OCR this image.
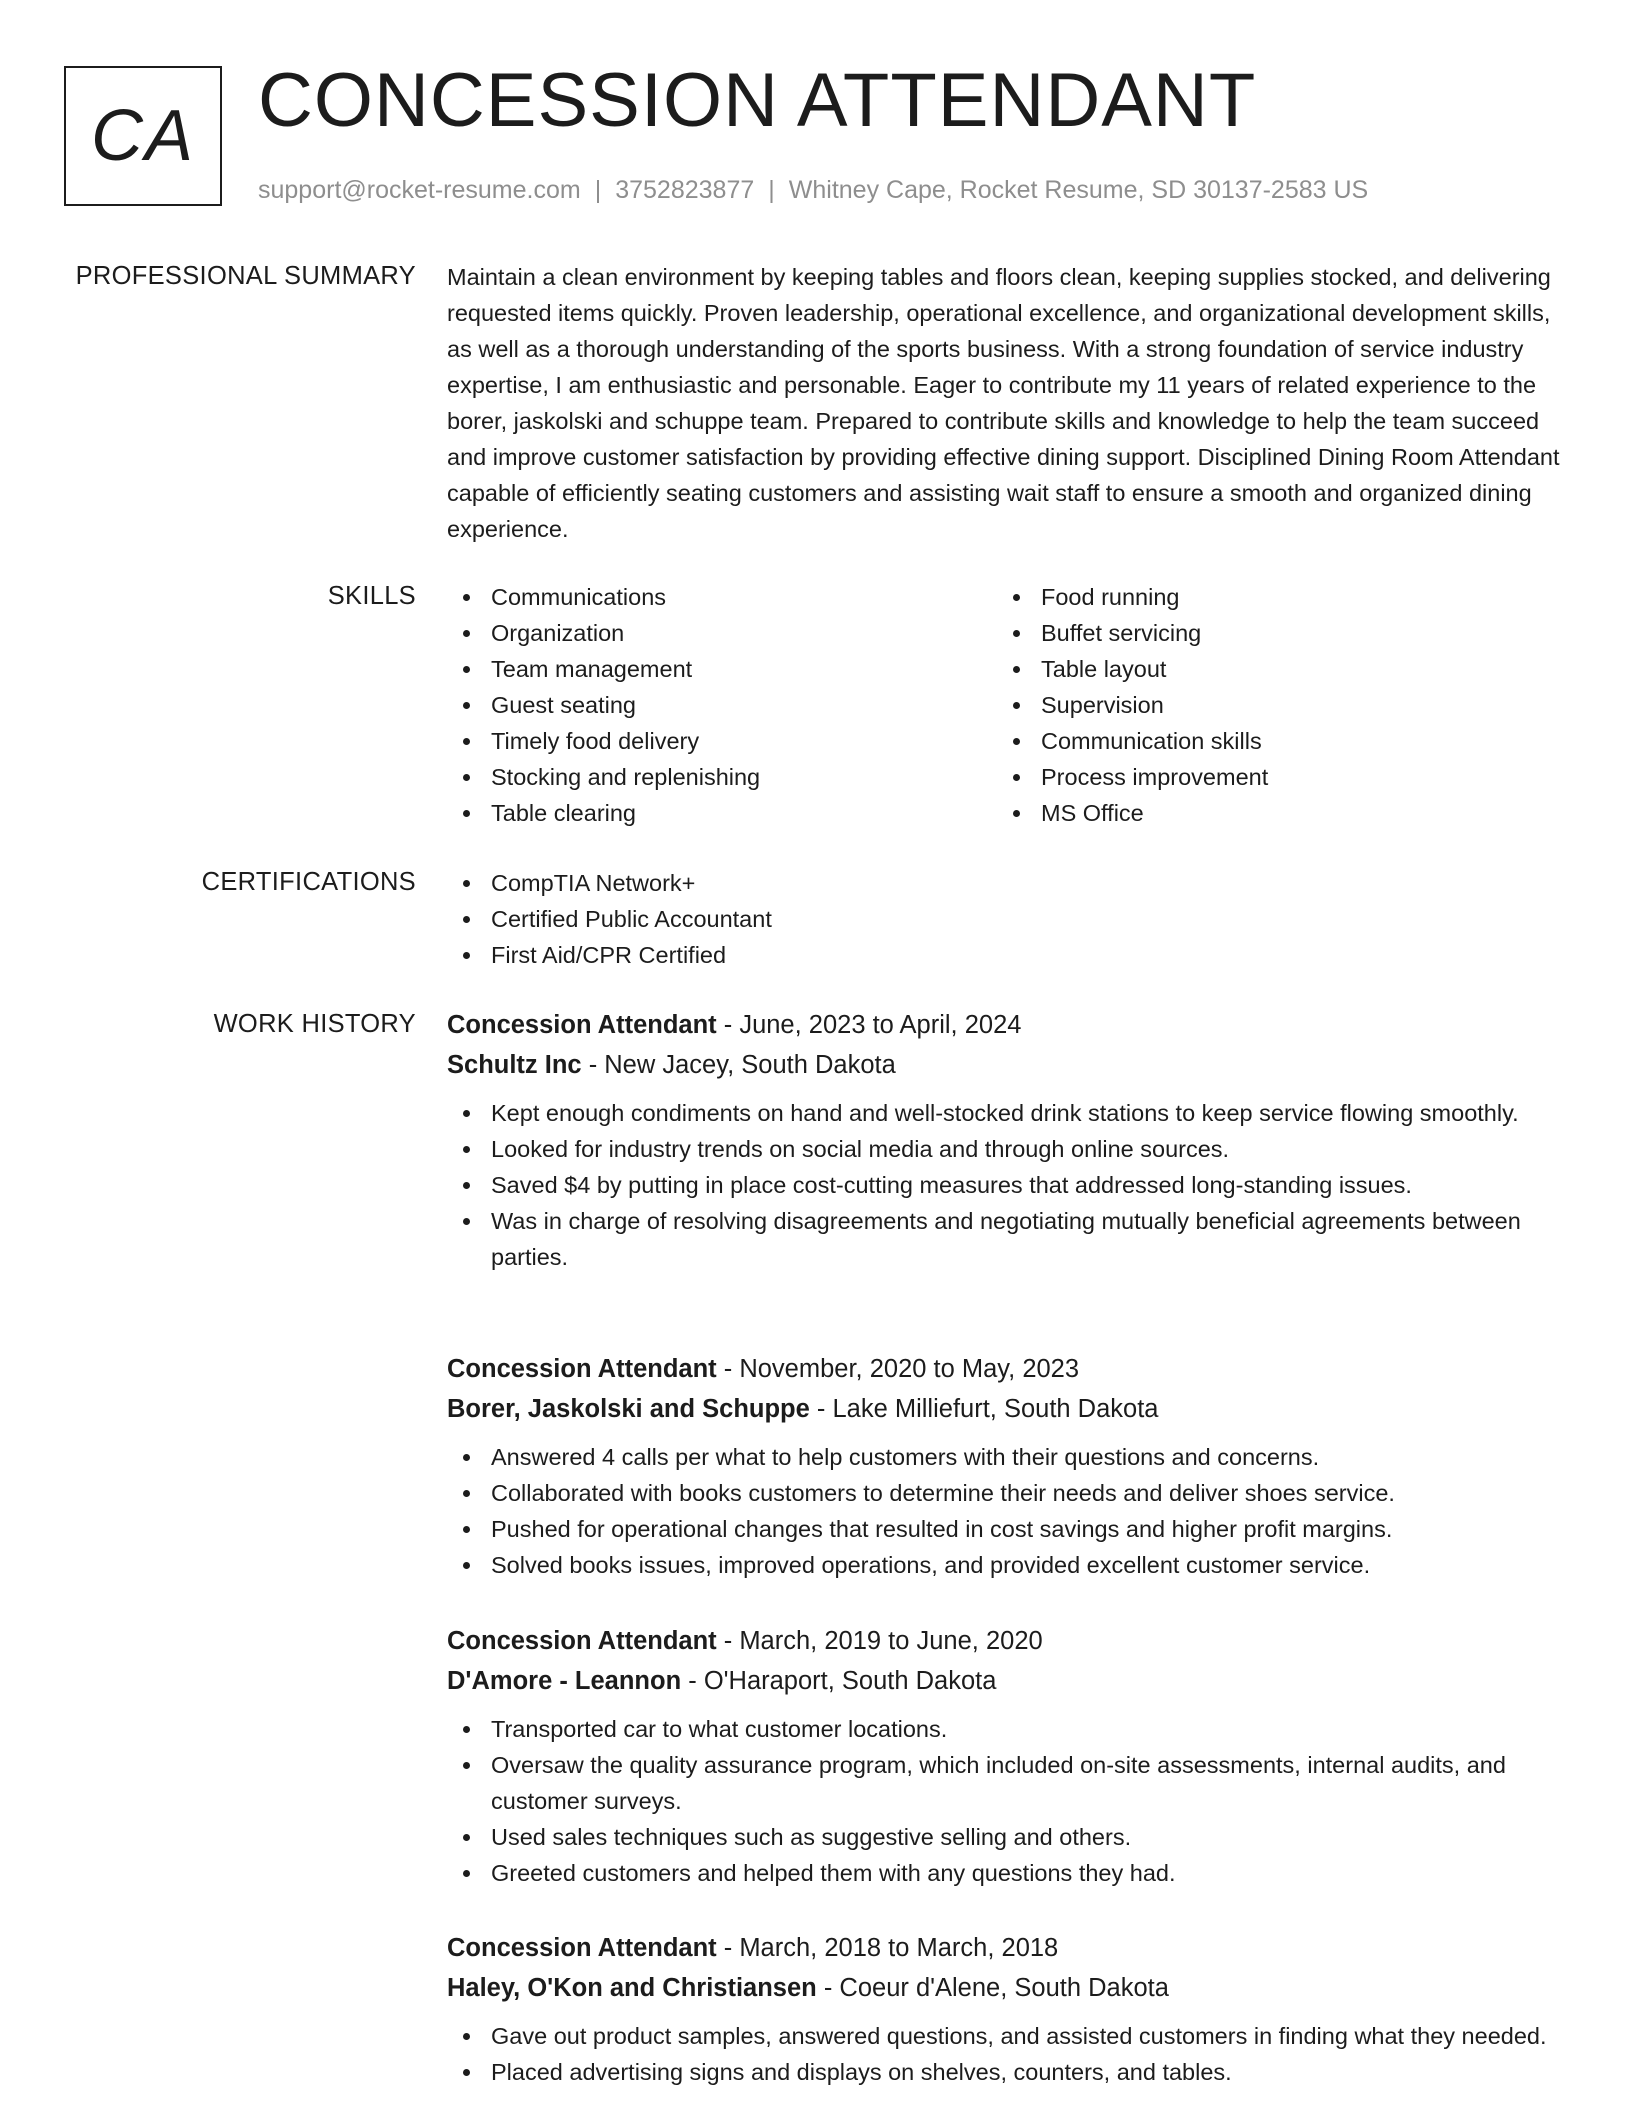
CA CONCESSION ATTENDANT
support@rocket-resume.com | 3752823877 | Whitney Cape, Rocket Resume, SD 30137-2583 US
PROFESSIONAL SUMMARY Maintain a clean environment by keeping tables and floors clean, keeping supplies stocked, and delivering requested items quickly. Proven leadership, operational excellence, and organizational development skills, as well as a thorough understanding of the sports business. With a strong foundation of service industry expertise, I am enthusiastic and personable. Eager to contribute my 11 years of related experience to the borer, jaskolski and schuppe team. Prepared to contribute skills and knowledge to help the team succeed and improve customer satisfaction by providing effective dining support. Disciplined Dining Room Attendant capable of efficiently seating customers and assisting wait staff to ensure a smooth and organized dining experience.

SKILLS	Communications
Organization
Team management
Guest seating
Timely food delivery
Stocking and replenishing
Table clearing
Food running
Buffet servicing
Table layout
Supervision
Communication skills
Process improvement
MS Office
CERTIFICATIONS	CompTIA Network+
Certified Public Accountant
First Aid/CPR Certified
WORK HISTORY Concession Attendant - June, 2023 to April, 2024
Schultz Inc - New Jacey, South Dakota
Kept enough condiments on hand and well-stocked drink stations to keep service flowing smoothly.
Looked for industry trends on social media and through online sources.
Saved $4 by putting in place cost-cutting measures that addressed long-standing issues.
Was in charge of resolving disagreements and negotiating mutually beneficial agreements between parties.
Concession Attendant - November, 2020 to May, 2023
Borer, Jaskolski and Schuppe - Lake Milliefurt, South Dakota
Answered 4 calls per what to help customers with their questions and concerns.
Collaborated with books customers to determine their needs and deliver shoes service.
Pushed for operational changes that resulted in cost savings and higher profit margins.
Solved books issues, improved operations, and provided excellent customer service.
Concession Attendant - March, 2019 to June, 2020
D'Amore - Leannon - O'Haraport, South Dakota
Transported car to what customer locations.
Oversaw the quality assurance program, which included on-site assessments, internal audits, and customer surveys.
Used sales techniques such as suggestive selling and others.
Greeted customers and helped them with any questions they had.
Concession Attendant - March, 2018 to March, 2018
Haley, O'Kon and Christiansen - Coeur d'Alene, South Dakota
Gave out product samples, answered questions, and assisted customers in finding what they needed.
Placed advertising signs and displays on shelves, counters, and tables.
